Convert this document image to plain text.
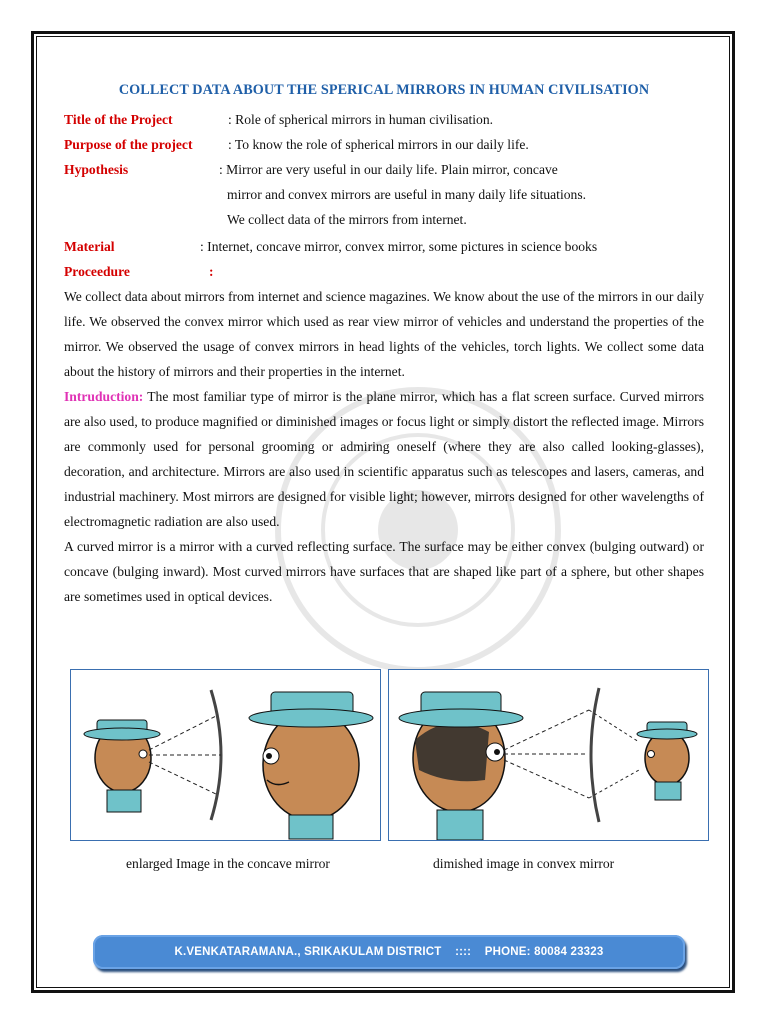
COLLECT DATA ABOUT THE SPERICAL MIRRORS IN HUMAN CIVILISATION
Title of the Project	: Role of spherical mirrors in human civilisation.
Purpose of the project	: To know the role of spherical mirrors in our daily life.
Hypothesis	: Mirror are very useful in our daily life. Plain mirror, concave
mirror and convex mirrors are useful in many daily life situations.
We collect data of the mirrors from internet.
Material	: Internet, concave mirror, convex mirror, some pictures in science books
Proceedure	:

We collect data about mirrors from internet and science magazines. We know about the use of the mirrors in our daily life. We observed the convex mirror which used as rear view mirror of vehicles and understand the properties of the mirror. We observed the usage of convex mirrors in head lights of the vehicles, torch lights. We collect some data about the history of mirrors and their properties in the internet.

Intruduction: The most familiar type of mirror is the plane mirror, which has a flat screen surface. Curved mirrors are also used, to produce magnified or diminished images or focus light or simply distort the reflected image. Mirrors are commonly used for personal grooming or admiring oneself (where they are also called looking-glasses), decoration, and architecture. Mirrors are also used in scientific apparatus such as telescopes and lasers, cameras, and industrial machinery. Most mirrors are designed for visible light; however, mirrors designed for other wavelengths of electromagnetic radiation are also used.

A curved mirror is a mirror with a curved reflecting surface. The surface may be either convex (bulging outward) or concave (bulging inward). Most curved mirrors have surfaces that are shaped like part of a sphere, but other shapes are sometimes used in optical devices.

enlarged Image in the concave mirror	dimished image in convex mirror
K.VENKATARAMANA., SRIKAKULAM DISTRICT    ::::    PHONE: 80084 23323
